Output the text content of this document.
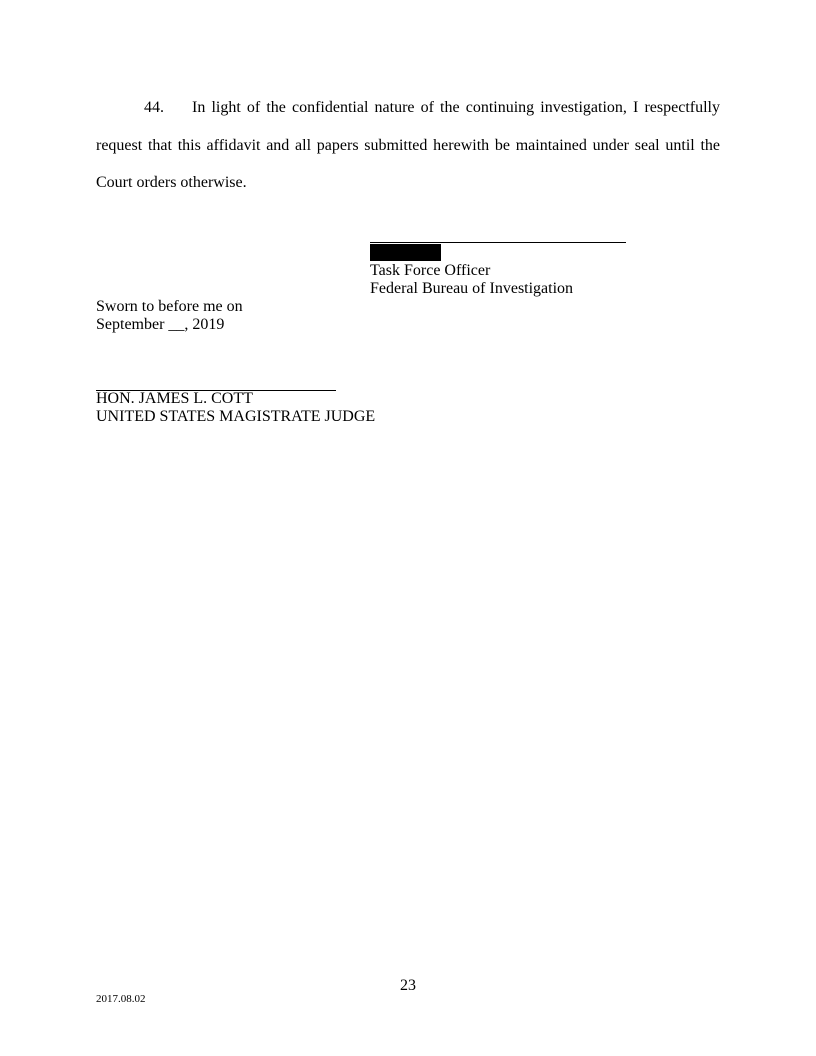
44. In light of the confidential nature of the continuing investigation, I respectfully request that this affidavit and all papers submitted herewith be maintained under seal until the Court orders otherwise.

Task Force Officer
Federal Bureau of Investigation
Sworn to before me on
September __, 2019
HON. JAMES L. COTT
UNITED STATES MAGISTRATE JUDGE
23
2017.08.02
